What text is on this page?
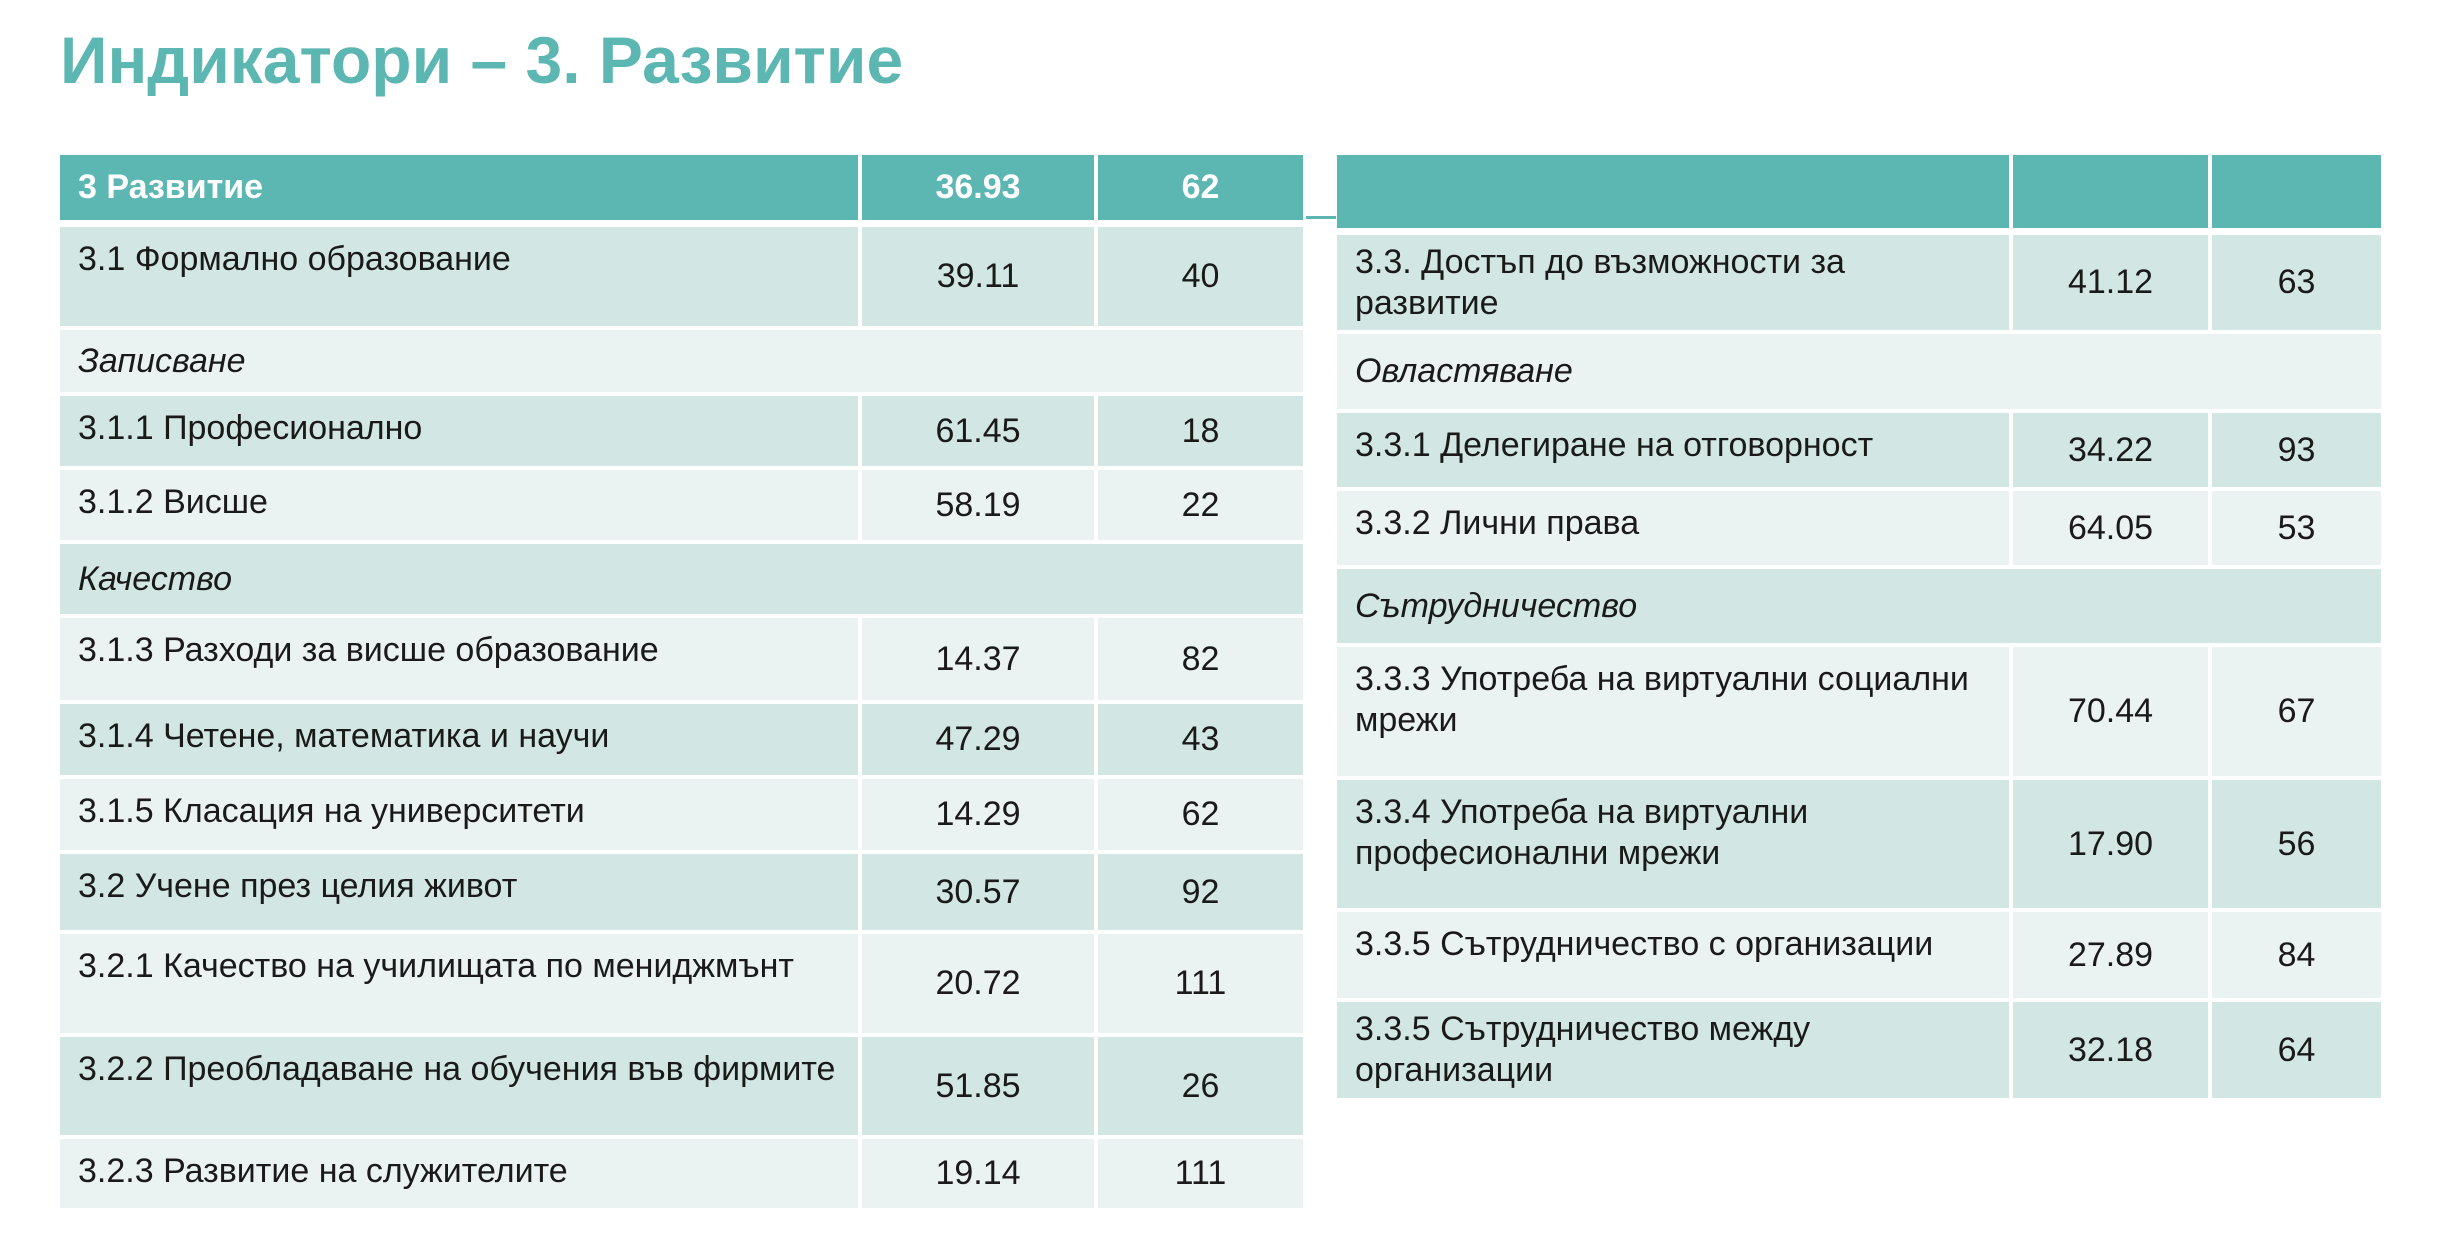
Индикатори – 3. Развитие
3 Развитие	36.93	62
3.1 Формално образование	39.11	40
Записване		
3.1.1 Професионално	61.45	18
3.1.2 Висше	58.19	22
Качество		
3.1.3 Разходи за висше образование	14.37	82
3.1.4 Четене, математика и научи	47.29	43
3.1.5 Класация на университети	14.29	62
3.2 Учене през целия живот	30.57	92
3.2.1 Качество на училищата по мениджмънт	20.72	111
3.2.2 Преобладаване на обучения във фирмите	51.85	26
3.2.3 Развитие на служителите	19.14	111

3.3. Достъп до възможности за развитие	41.12	63
Овластяване		
3.3.1 Делегиране на отговорност	34.22	93
3.3.2 Лични права	64.05	53
Сътрудничество		
3.3.3 Употреба на виртуални социални мрежи	70.44	67
3.3.4 Употреба на виртуални професионални мрежи	17.90	56
3.3.5 Сътрудничество с организации	27.89	84
3.3.5 Сътрудничество между организации	32.18	64
